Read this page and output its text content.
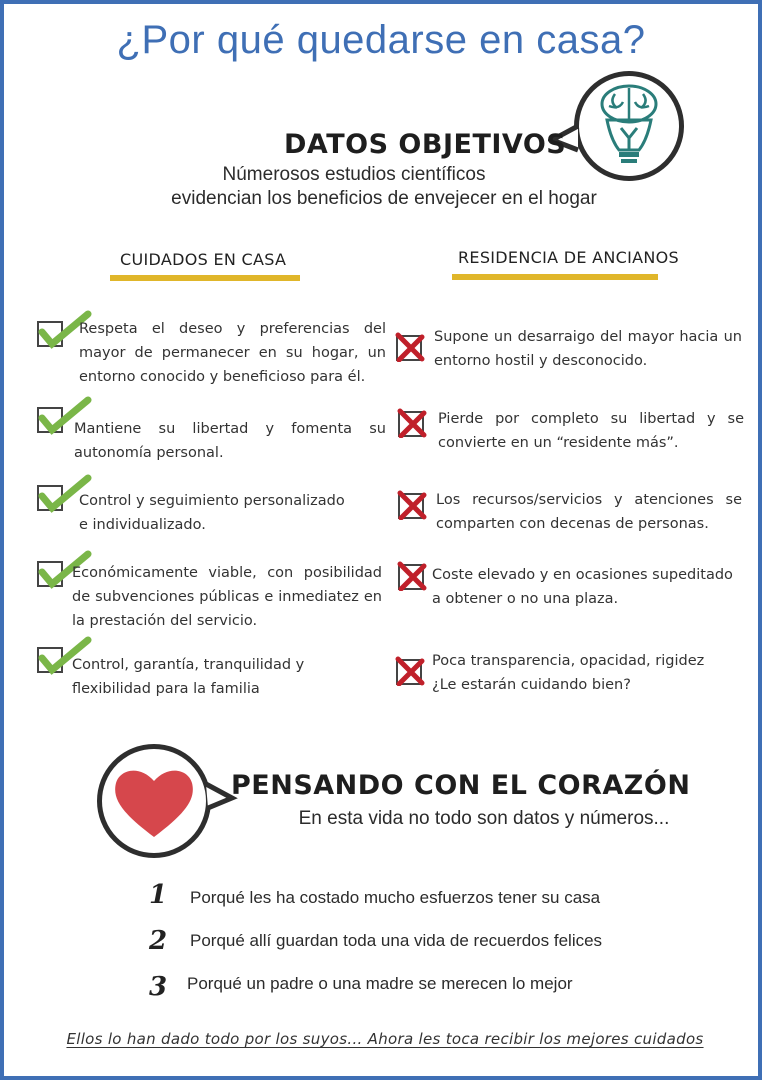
¿Por qué quedarse en casa?
DATOS OBJETIVOS
Númerosos estudios científicos
evidencian los beneficios de envejecer en el hogar
CUIDADOS EN CASA	RESIDENCIA DE ANCIANOS
Respeta el deseo y preferencias del mayor de permanecer en su hogar, un entorno conocido y beneficioso para él.
Mantiene su libertad y fomenta su autonomía personal.
Control y seguimiento personalizado e individualizado.
Económicamente viable, con posibilidad de subvenciones públicas e inmediatez en la prestación del servicio.
Control, garantía, tranquilidad y flexibilidad para la familia
Supone un desarraigo del mayor hacia un entorno hostil y desconocido.
Pierde por completo su libertad y se convierte en un “residente más”.
Los recursos/servicios y atenciones se comparten con decenas de personas.
Coste elevado y en ocasiones supeditado a obtener o no una plaza.
Poca transparencia, opacidad, rigidez ¿Le estarán cuidando bien?
PENSANDO CON EL CORAZÓN
En esta vida no todo son datos y números...
1 Porqué les ha costado mucho esfuerzos tener su casa
2 Porqué allí guardan toda una vida de recuerdos felices
3 Porqué un padre o una madre se merecen lo mejor
Ellos lo han dado todo por los suyos... Ahora les toca recibir los mejores cuidados
